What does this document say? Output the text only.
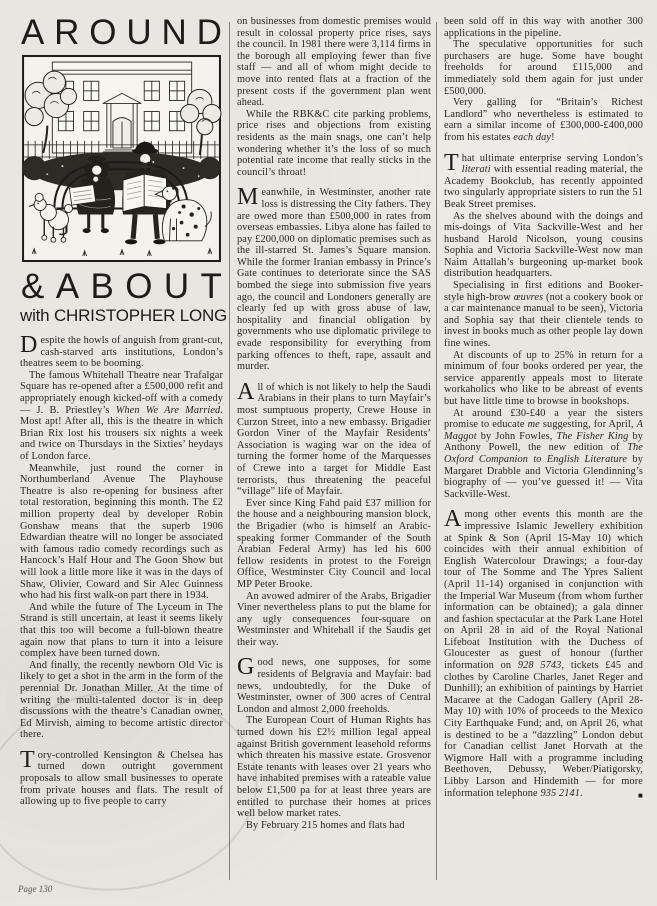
A R O U N D
& A B O U T
with CHRISTOPHER LONG

Despite the howls of anguish from grant-cut, cash-starved arts institutions, London’s theatres seem to be booming.

The famous Whitehall Theatre near Trafalgar Square has re-opened after a £500,000 refit and appropriately enough kicked-off with a comedy — J. B. Priestley’s When We Are Married. Most apt! After all, this is the theatre in which Brian Rix lost his trousers six nights a week and twice on Thursdays in the Sixties’ heydays of London farce.

Meanwhile, just round the corner in Northumberland Avenue The Playhouse Theatre is also re-opening for business after total restoration, beginning this month. The £2 million property deal by developer Robin Gonshaw means that the superb 1906 Edwardian theatre will no longer be associated with famous radio comedy recordings such as Hancock’s Half Hour and The Goon Show but will look a little more like it was in the days of Shaw, Olivier, Coward and Sir Alec Guinness who had his first walk-on part there in 1934.

And while the future of The Lyceum in The Strand is still uncertain, at least it seems likely that this too will become a full-blown theatre again now that plans to turn it into a leisure complex have been turned down.

And finally, the recently newborn Old Vic is likely to get a shot in the arm in the form of the perennial Dr. Jonathan Miller. At the time of writing the multi-talented doctor is in deep discussions with the theatre’s Canadian owner, Ed Mirvish, aiming to become artistic director there.

Tory-controlled Kensington & Chelsea has turned down outright government proposals to allow small businesses to operate from private houses and flats. The result of allowing up to five people to carry

on businesses from domestic premises would result in colossal property price rises, says the council. In 1981 there were 3,114 firms in the borough all employing fewer than five staff — and all of whom might decide to move into rented flats at a fraction of the present costs if the government plan went ahead.

While the RBK&C cite parking problems, price rises and objections from existing residents as the main snags, one can’t help wondering whether it’s the loss of so much potential rate income that really sticks in the council’s throat!

Meanwhile, in Westminster, another rate loss is distressing the City fathers. They are owed more than £500,000 in rates from overseas embassies. Libya alone has failed to pay £200,000 on diplomatic premises such as the ill-starred St. James’s Square mansion. While the former Iranian embassy in Prince’s Gate continues to deteriorate since the SAS bombed the siege into submission five years ago, the council and Londoners generally are clearly fed up with gross abuse of law, hospitality and financial obligation by governments who use diplomatic privilege to evade responsibility for everything from parking offences to theft, rape, assault and murder.

All of which is not likely to help the Saudi Arabians in their plans to turn Mayfair’s most sumptuous property, Crewe House in Curzon Street, into a new embassy. Brigadier Gordon Viner of the Mayfair Residents’ Association is waging war on the idea of turning the former home of the Marquesses of Crewe into a target for Middle East terrorists, thus threatening the peaceful “village” life of Mayfair.

Ever since King Fahd paid £37 million for the house and a neighbouring mansion block, the Brigadier (who is himself an Arabic-speaking former Commander of the South Arabian Federal Army) has led his 600 fellow residents in protest to the Foreign Office, Westminster City Council and local MP Peter Brooke.

An avowed admirer of the Arabs, Brigadier Viner nevertheless plans to put the blame for any ugly consequences four-square on Westminster and Whitehall if the Saudis get their way.

Good news, one supposes, for some residents of Belgravia and Mayfair: bad news, undoubtedly, for the Duke of Westminster, owner of 300 acres of Central London and almost 2,000 freeholds.

The European Court of Human Rights has turned down his £2½ million legal appeal against British government leasehold reforms which threaten his massive estate. Grosvenor Estate tenants with leases over 21 years who have inhabited premises with a rateable value below £1,500 pa for at least three years are entitled to purchase their homes at prices well below market rates.

By February 215 homes and flats had

been sold off in this way with another 300 applications in the pipeline.

The speculative opportunities for such purchasers are huge. Some have bought freeholds for around £115,000 and immediately sold them again for just under £500,000.

Very galling for “Britain’s Richest Landlord” who nevertheless is estimated to earn a similar income of £300,000-£400,000 from his estates each day!

That ultimate enterprise serving London’s literati with essential reading material, the Academy Bookclub, has recently appointed two singularly appropriate sisters to run the 51 Beak Street premises.

As the shelves abound with the doings and mis-doings of Vita Sackville-West and her husband Harold Nicolson, young cousins Sophia and Victoria Sackville-West now man Naim Attallah’s burgeoning up-market book distribution headquarters.

Specialising in first editions and Booker-style high-brow œuvres (not a cookery book or a car maintenance manual to be seen), Victoria and Sophia say that their clientele tends to invest in books much as other people lay down fine wines.

At discounts of up to 25% in return for a minimum of four books ordered per year, the service apparently appeals most to literate workaholics who like to be abreast of events but have little time to browse in bookshops.

At around £30-£40 a year the sisters promise to educate me suggesting, for April, A Maggot by John Fowles, The Fisher King by Anthony Powell, the new edition of The Oxford Companion to English Literature by Margaret Drabble and Victoria Glendinning’s biography of — you’ve guessed it! — Vita Sackville-West.

Among other events this month are the impressive Islamic Jewellery exhibition at Spink & Son (April 15-May 10) which coincides with their annual exhibition of English Watercolour Drawings; a four-day tour of The Somme and The Ypres Salient (April 11-14) organised in conjunction with the Imperial War Museum (from whom further information can be obtained); a gala dinner and fashion spectacular at the Park Lane Hotel on April 28 in aid of the Royal National Lifeboat Institution with the Duchess of Gloucester as guest of honour (further information on 928 5743, tickets £45 and clothes by Caroline Charles, Janet Reger and Dunhill); an exhibition of paintings by Harriet Macaree at the Cadogan Gallery (April 28-May 10) with 10% of proceeds to the Mexico City Earthquake Fund; and, on April 26, what is destined to be a “dazzling” London debut for Canadian cellist Janet Horvath at the Wigmore Hall with a programme including Beethoven, Debussy, Weber/Piatigorsky, Libby Larson and Hindemith — for more information telephone 935 2141.	■

Page 130
